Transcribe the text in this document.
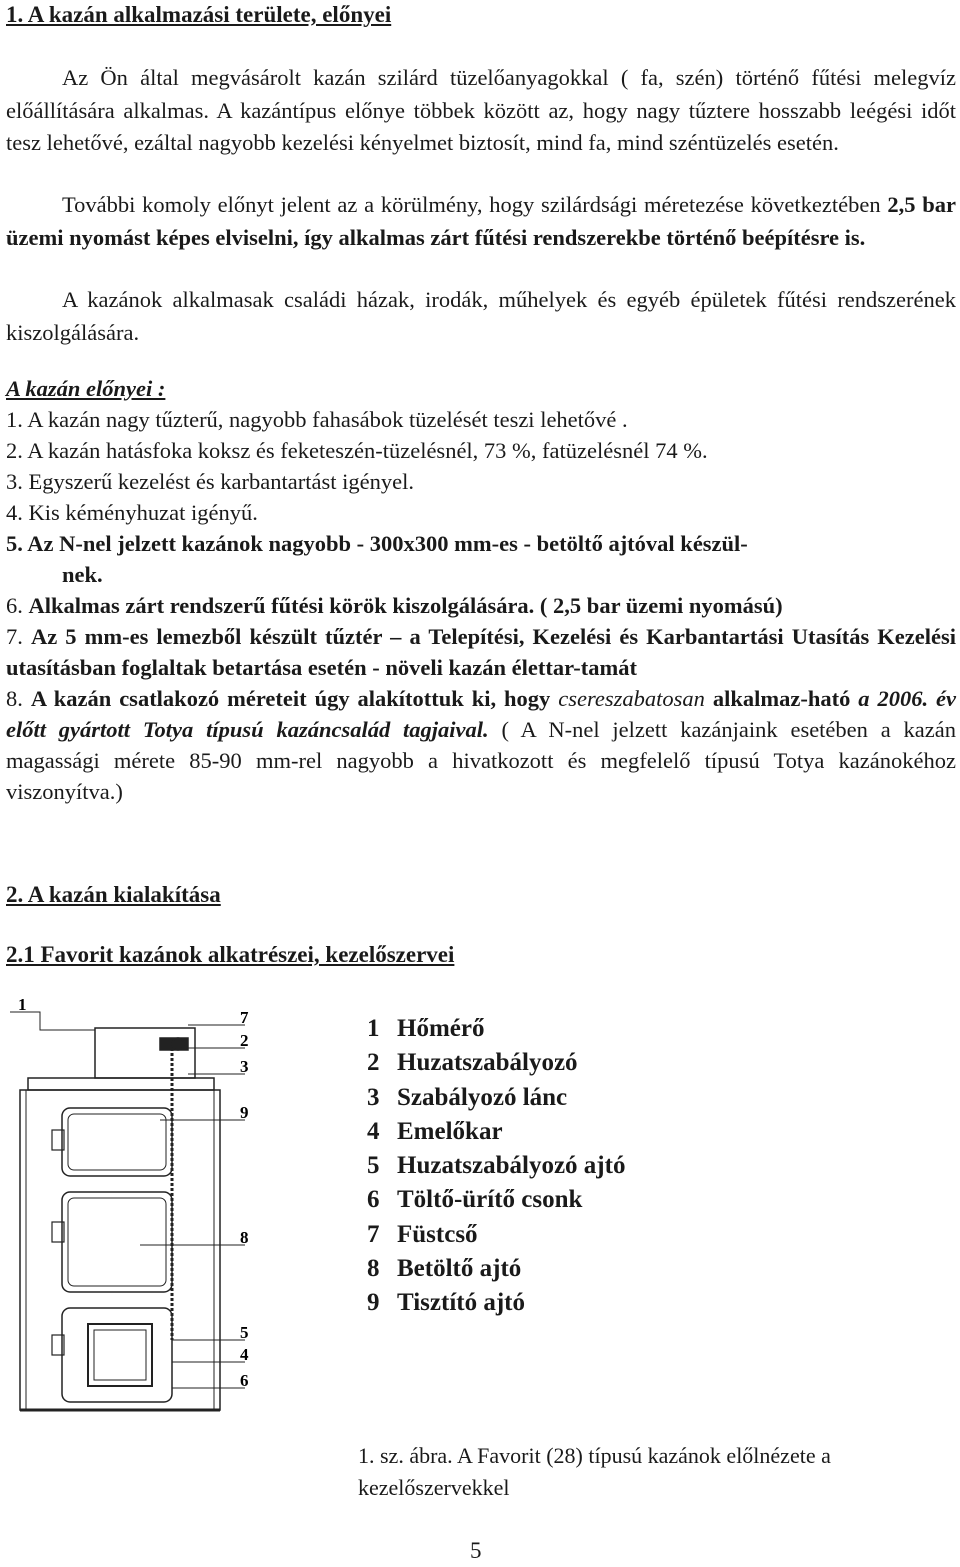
1. A kazán alkalmazási területe, előnyei
Az Ön által megvásárolt kazán szilárd tüzelőanyagokkal ( fa, szén) történő fűtési melegvíz előállítására alkalmas. A kazántípus előnye többek között az, hogy nagy tűztere hosszabb leégési időt tesz lehetővé, ezáltal nagyobb kezelési kényelmet biztosít, mind fa, mind széntüzelés esetén.
További komoly előnyt jelent az a körülmény, hogy szilárdsági méretezése következtében 2,5 bar üzemi nyomást képes elviselni, így alkalmas zárt fűtési rendszerekbe történő beépítésre is.
A kazánok alkalmasak családi házak, irodák, műhelyek és egyéb épületek fűtési rendszerének kiszolgálására.
A kazán előnyei :
1. A kazán nagy tűzterű, nagyobb fahasábok tüzelését teszi lehetővé .
2. A kazán hatásfoka koksz és feketeszén-tüzelésnél, 73 %, fatüzelésnél 74 %.
3. Egyszerű kezelést és karbantartást igényel.
4. Kis kéményhuzat igényű.
5. Az N-nel jelzett kazánok nagyobb - 300x300 mm-es - betöltő ajtóval készül-
nek.
6. Alkalmas zárt rendszerű fűtési körök kiszolgálására. ( 2,5 bar üzemi nyomású)
7. Az 5 mm-es lemezből készült tűztér – a Telepítési, Kezelési és Karbantartási Utasítás Kezelési utasításban foglaltak betartása esetén - növeli kazán élettar-tamát
8. A kazán csatlakozó méreteit úgy alakítottuk ki, hogy csereszabatosan alkalmaz-ható a 2006. év előtt gyártott Totya típusú kazáncsalád tagjaival. ( A N-nel jelzett kazánjaink esetében a kazán magassági mérete 85-90 mm-rel nagyobb a hivatkozott és megfelelő típusú Totya kazánokéhoz viszonyítva.)
2. A kazán kialakítása
2.1 Favorit kazánok alkatrészei, kezelőszervei
1
7
2
3
9
8
5
4
6
1 Hőmérő
2 Huzatszabályozó
3 Szabályozó lánc
4 Emelőkar
5 Huzatszabályozó ajtó
6 Töltő-ürítő csonk
7 Füstcső
8 Betöltő ajtó
9 Tisztító ajtó
1. sz. ábra. A Favorit (28) típusú kazánok előlnézete a kezelőszervekkel
5
